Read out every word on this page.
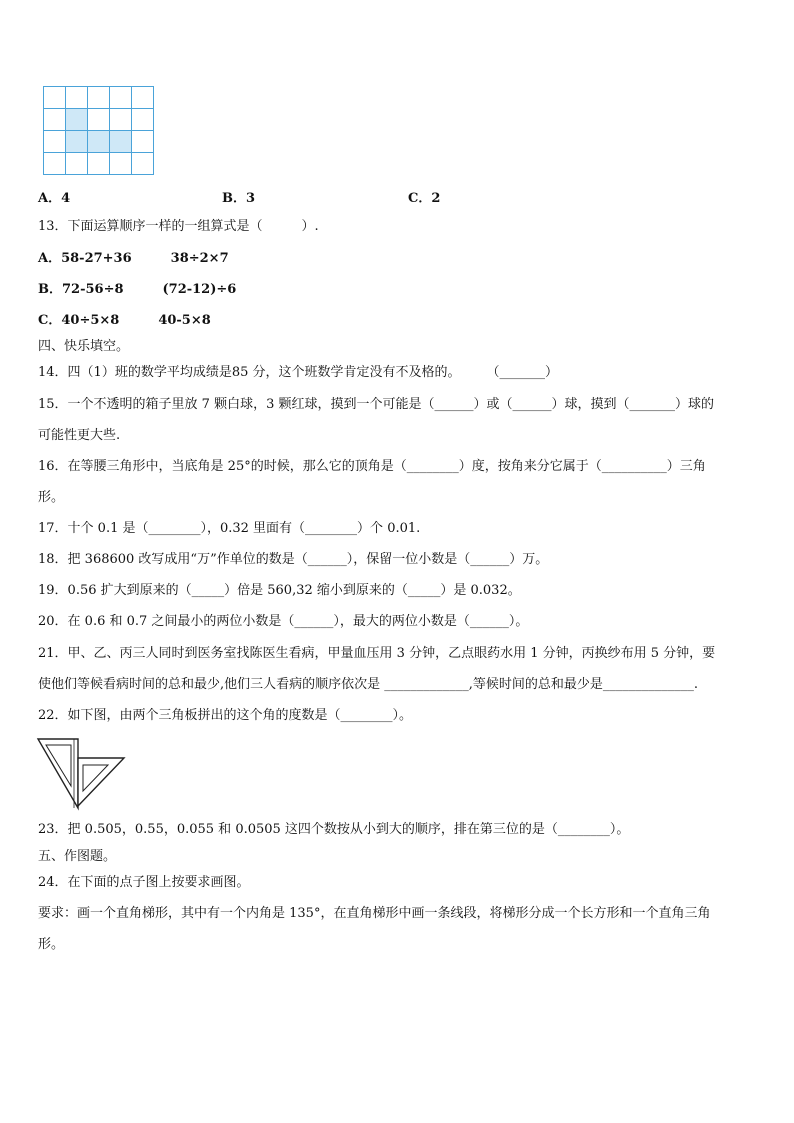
A．4	B．3	C．2
13．下面运算顺序一样的一组算式是（　　　）.
A．58-27+36　　　38÷2×7
B．72-56÷8　　　(72-12)÷6
C．40÷5×8　　　40-5×8
四、快乐填空。
14．四（1）班的数学平均成绩是85 分，这个班数学肯定没有不及格的。　　　（_______）
15．一个不透明的箱子里放 7 颗白球，3 颗红球，摸到一个可能是（______）或（______）球，摸到（_______）球的
可能性更大些.
16．在等腰三角形中，当底角是 25°的时候，那么它的顶角是（________）度，按角来分它属于（__________）三角
形。
17．十个 0.1 是（________），0.32 里面有（________）个 0.01.
18．把 368600 改写成用“万”作单位的数是（______），保留一位小数是（______）万。
19．0.56 扩大到原来的（_____）倍是 560,32 缩小到原来的（_____）是 0.032。
20．在 0.6 和 0.7 之间最小的两位小数是（______），最大的两位小数是（______）。
21．甲、乙、丙三人同时到医务室找陈医生看病，甲量血压用 3 分钟，乙点眼药水用 1 分钟，丙换纱布用 5 分钟，要
使他们等候看病时间的总和最少,他们三人看病的顺序依次是 _____________,等候时间的总和最少是______________.
22．如下图，由两个三角板拼出的这个角的度数是（________）。
23．把 0.505，0.55，0.055 和 0.0505 这四个数按从小到大的顺序，排在第三位的是（________）。
五、作图题。
24．在下面的点子图上按要求画图。
要求：画一个直角梯形，其中有一个内角是 135°，在直角梯形中画一条线段，将梯形分成一个长方形和一个直角三角
形。
